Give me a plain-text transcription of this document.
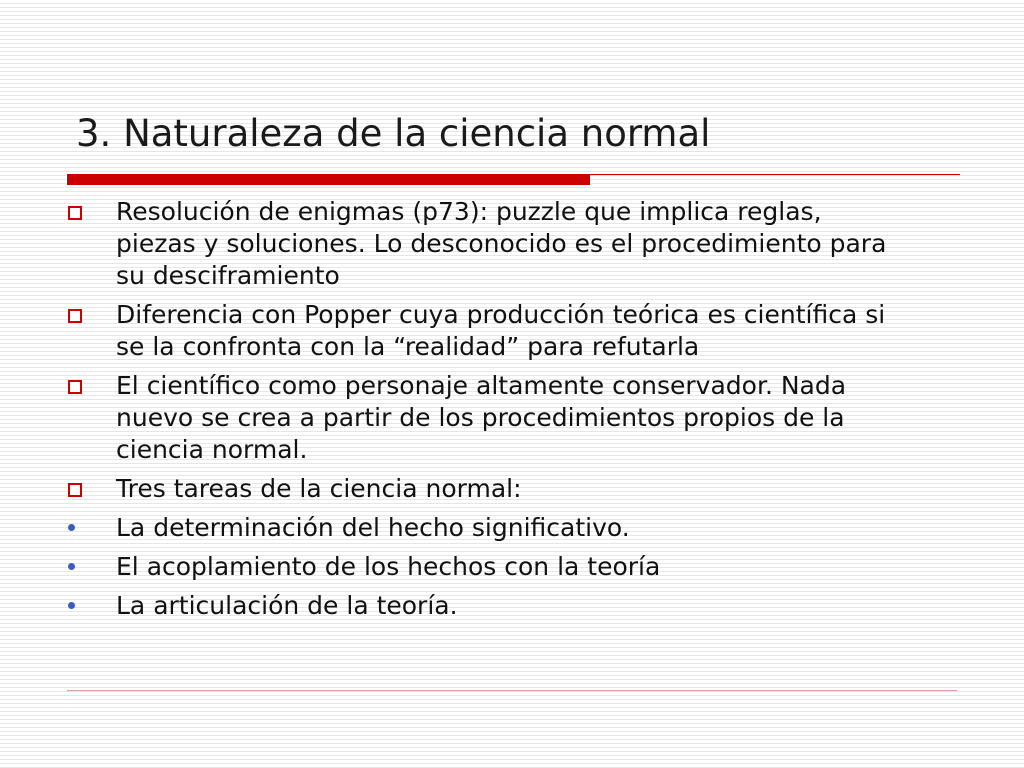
3. Naturaleza de la ciencia normal
Resolución de enigmas (p73): puzzle que implica reglas, piezas y soluciones. Lo desconocido es el procedimiento para su desciframiento
Diferencia con Popper cuya producción teórica es científica si se la confronta con la “realidad” para refutarla
El científico como personaje altamente conservador. Nada nuevo se crea a partir de los procedimientos propios de la ciencia normal.
Tres tareas de la ciencia normal:
La determinación del hecho significativo.
El acoplamiento de los hechos con la teoría
La articulación de la teoría.
